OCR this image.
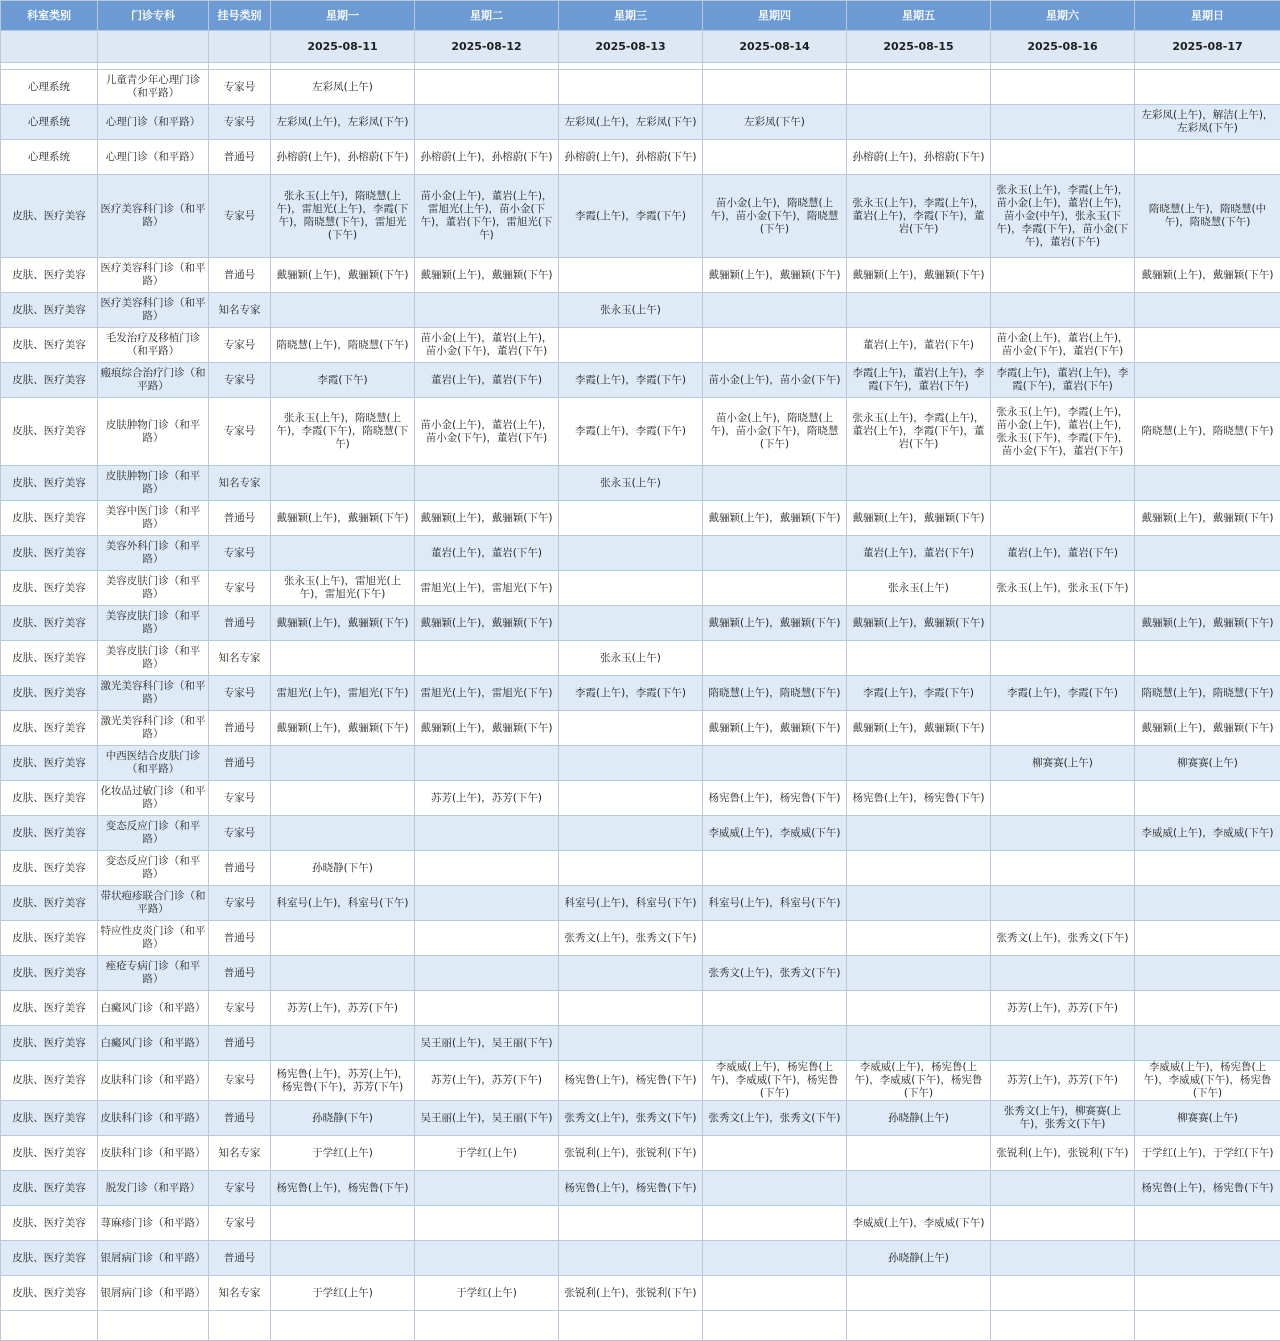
科室类别	门诊专科	挂号类别	星期一	星期二	星期三	星期四	星期五	星期六	星期日
			2025-08-11	2025-08-12	2025-08-13	2025-08-14	2025-08-15	2025-08-16	2025-08-17

心理系统	儿童青少年心理门诊（和平路）	专家号	左彩凤(上午)						
心理系统	心理门诊（和平路）	专家号	左彩凤(上午)，左彩凤(下午)		左彩凤(上午)，左彩凤(下午)	左彩凤(下午)			左彩凤(上午)，解洁(上午)，左彩凤(下午)
心理系统	心理门诊（和平路）	普通号	孙榕蔚(上午)，孙榕蔚(下午)	孙榕蔚(上午)，孙榕蔚(下午)	孙榕蔚(上午)，孙榕蔚(下午)		孙榕蔚(上午)，孙榕蔚(下午)		
皮肤、医疗美容	医疗美容科门诊（和平路）	专家号	张永玉(上午)，隋晓慧(上午)，雷旭光(上午)，李霞(下午)，隋晓慧(下午)，雷旭光(下午)	苗小金(上午)，董岩(上午)，雷旭光(上午)，苗小金(下午)，董岩(下午)，雷旭光(下午)	李霞(上午)，李霞(下午)	苗小金(上午)，隋晓慧(上午)，苗小金(下午)，隋晓慧(下午)	张永玉(上午)，李霞(上午)，董岩(上午)，李霞(下午)，董岩(下午)	张永玉(上午)，李霞(上午)，苗小金(上午)，董岩(上午)，苗小金(中午)，张永玉(下午)，李霞(下午)，苗小金(下午)，董岩(下午)	隋晓慧(上午)，隋晓慧(中午)，隋晓慧(下午)
皮肤、医疗美容	医疗美容科门诊（和平路）	普通号	戴骊颖(上午)，戴骊颖(下午)	戴骊颖(上午)，戴骊颖(下午)		戴骊颖(上午)，戴骊颖(下午)	戴骊颖(上午)，戴骊颖(下午)		戴骊颖(上午)，戴骊颖(下午)
皮肤、医疗美容	医疗美容科门诊（和平路）	知名专家			张永玉(上午)				
皮肤、医疗美容	毛发治疗及移植门诊（和平路）	专家号	隋晓慧(上午)，隋晓慧(下午)	苗小金(上午)，董岩(上午)，苗小金(下午)，董岩(下午)			董岩(上午)，董岩(下午)	苗小金(上午)，董岩(上午)，苗小金(下午)，董岩(下午)	
皮肤、医疗美容	瘢痕综合治疗门诊（和平路）	专家号	李霞(下午)	董岩(上午)，董岩(下午)	李霞(上午)，李霞(下午)	苗小金(上午)，苗小金(下午)	李霞(上午)，董岩(上午)，李霞(下午)，董岩(下午)	李霞(上午)，董岩(上午)，李霞(下午)，董岩(下午)	
皮肤、医疗美容	皮肤肿物门诊（和平路）	专家号	张永玉(上午)，隋晓慧(上午)，李霞(下午)，隋晓慧(下午)	苗小金(上午)，董岩(上午)，苗小金(下午)，董岩(下午)	李霞(上午)，李霞(下午)	苗小金(上午)，隋晓慧(上午)，苗小金(下午)，隋晓慧(下午)	张永玉(上午)，李霞(上午)，董岩(上午)，李霞(下午)，董岩(下午)	张永玉(上午)，李霞(上午)，苗小金(上午)，董岩(上午)，张永玉(下午)，李霞(下午)，苗小金(下午)，董岩(下午)	隋晓慧(上午)，隋晓慧(下午)
皮肤、医疗美容	皮肤肿物门诊（和平路）	知名专家			张永玉(上午)				
皮肤、医疗美容	美容中医门诊（和平路）	普通号	戴骊颖(上午)，戴骊颖(下午)	戴骊颖(上午)，戴骊颖(下午)		戴骊颖(上午)，戴骊颖(下午)	戴骊颖(上午)，戴骊颖(下午)		戴骊颖(上午)，戴骊颖(下午)
皮肤、医疗美容	美容外科门诊（和平路）	专家号		董岩(上午)，董岩(下午)			董岩(上午)，董岩(下午)	董岩(上午)，董岩(下午)	
皮肤、医疗美容	美容皮肤门诊（和平路）	专家号	张永玉(上午)，雷旭光(上午)，雷旭光(下午)	雷旭光(上午)，雷旭光(下午)			张永玉(上午)	张永玉(上午)，张永玉(下午)	
皮肤、医疗美容	美容皮肤门诊（和平路）	普通号	戴骊颖(上午)，戴骊颖(下午)	戴骊颖(上午)，戴骊颖(下午)		戴骊颖(上午)，戴骊颖(下午)	戴骊颖(上午)，戴骊颖(下午)		戴骊颖(上午)，戴骊颖(下午)
皮肤、医疗美容	美容皮肤门诊（和平路）	知名专家			张永玉(上午)				
皮肤、医疗美容	激光美容科门诊（和平路）	专家号	雷旭光(上午)，雷旭光(下午)	雷旭光(上午)，雷旭光(下午)	李霞(上午)，李霞(下午)	隋晓慧(上午)，隋晓慧(下午)	李霞(上午)，李霞(下午)	李霞(上午)，李霞(下午)	隋晓慧(上午)，隋晓慧(下午)
皮肤、医疗美容	激光美容科门诊（和平路）	普通号	戴骊颖(上午)，戴骊颖(下午)	戴骊颖(上午)，戴骊颖(下午)		戴骊颖(上午)，戴骊颖(下午)	戴骊颖(上午)，戴骊颖(下午)		戴骊颖(上午)，戴骊颖(下午)
皮肤、医疗美容	中西医结合皮肤门诊（和平路）	普通号						柳赛赛(上午)	柳赛赛(上午)
皮肤、医疗美容	化妆品过敏门诊（和平路）	专家号		苏芳(上午)，苏芳(下午)		杨宪鲁(上午)，杨宪鲁(下午)	杨宪鲁(上午)，杨宪鲁(下午)		
皮肤、医疗美容	变态反应门诊（和平路）	专家号				李威威(上午)，李威威(下午)			李威威(上午)，李威威(下午)
皮肤、医疗美容	变态反应门诊（和平路）	普通号	孙晓静(下午)						
皮肤、医疗美容	带状疱疹联合门诊（和平路）	专家号	科室号(上午)，科室号(下午)		科室号(上午)，科室号(下午)	科室号(上午)，科室号(下午)			
皮肤、医疗美容	特应性皮炎门诊（和平路）	普通号			张秀文(上午)，张秀文(下午)			张秀文(上午)，张秀文(下午)	
皮肤、医疗美容	痤疮专病门诊（和平路）	普通号				张秀文(上午)，张秀文(下午)			
皮肤、医疗美容	白癜风门诊（和平路）	专家号	苏芳(上午)，苏芳(下午)					苏芳(上午)，苏芳(下午)	
皮肤、医疗美容	白癜风门诊（和平路）	普通号		吴王丽(上午)，吴王丽(下午)					
皮肤、医疗美容	皮肤科门诊（和平路）	专家号	杨宪鲁(上午)，苏芳(上午)，杨宪鲁(下午)，苏芳(下午)	苏芳(上午)，苏芳(下午)	杨宪鲁(上午)，杨宪鲁(下午)	李威威(上午)，杨宪鲁(上午)，李威威(下午)，杨宪鲁(下午)	李威威(上午)，杨宪鲁(上午)，李威威(下午)，杨宪鲁(下午)	苏芳(上午)，苏芳(下午)	李威威(上午)，杨宪鲁(上午)，李威威(下午)，杨宪鲁(下午)
皮肤、医疗美容	皮肤科门诊（和平路）	普通号	孙晓静(下午)	吴王丽(上午)，吴王丽(下午)	张秀文(上午)，张秀文(下午)	张秀文(上午)，张秀文(下午)	孙晓静(上午)	张秀文(上午)，柳赛赛(上午)，张秀文(下午)	柳赛赛(上午)
皮肤、医疗美容	皮肤科门诊（和平路）	知名专家	于学红(上午)	于学红(上午)	张锐利(上午)，张锐利(下午)			张锐利(上午)，张锐利(下午)	于学红(上午)，于学红(下午)
皮肤、医疗美容	脱发门诊（和平路）	专家号	杨宪鲁(上午)，杨宪鲁(下午)		杨宪鲁(上午)，杨宪鲁(下午)				杨宪鲁(上午)，杨宪鲁(下午)
皮肤、医疗美容	荨麻疹门诊（和平路）	专家号					李威威(上午)，李威威(下午)		
皮肤、医疗美容	银屑病门诊（和平路）	普通号					孙晓静(上午)		
皮肤、医疗美容	银屑病门诊（和平路）	知名专家	于学红(上午)	于学红(上午)	张锐利(上午)，张锐利(下午)				
